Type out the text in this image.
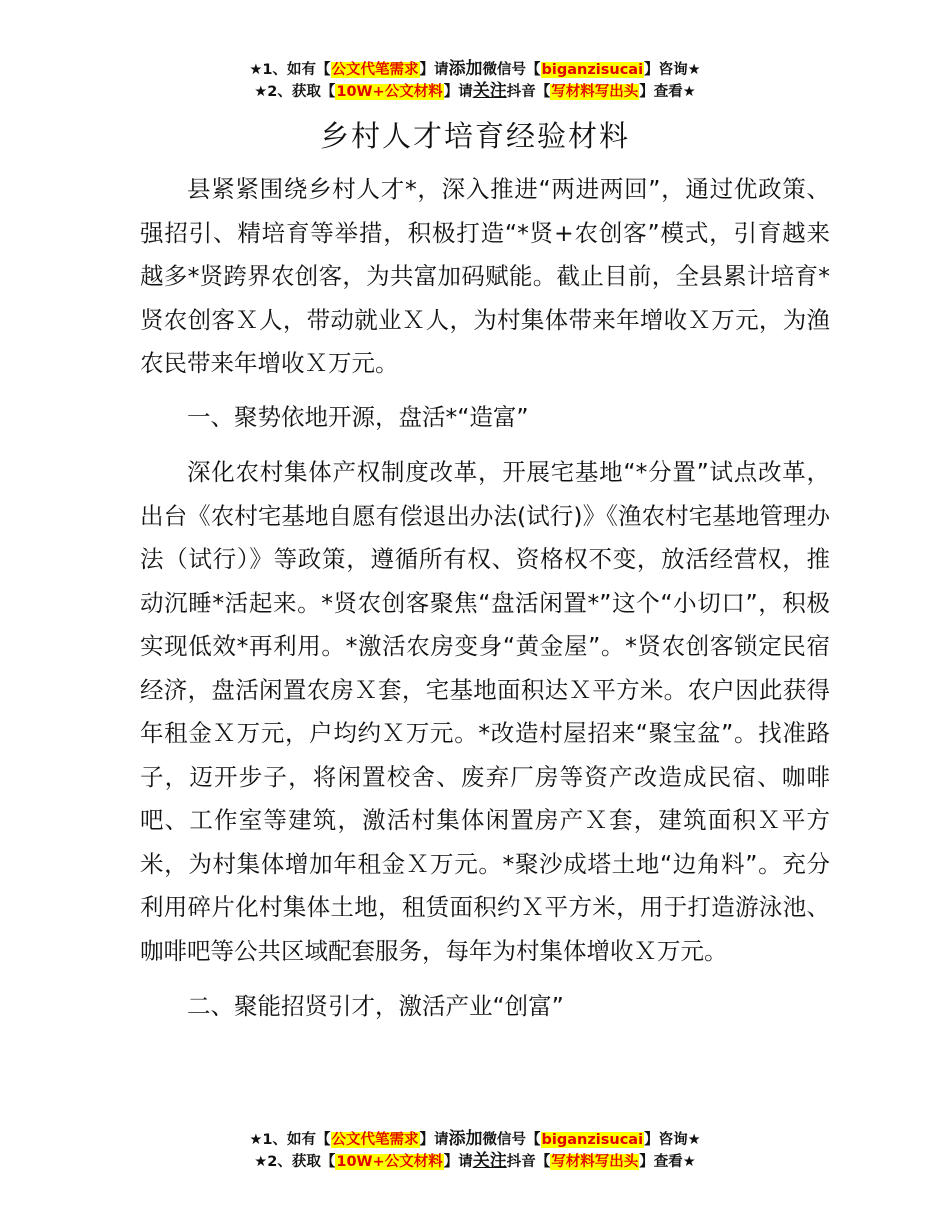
★1、如有【公文代笔需求】请添加微信号【biganzisucai】咨询★
★2、获取【10W+公文材料】请关注抖音【写材料写出头】查看★
乡村人才培育经验材料

县紧紧围绕乡村人才*，深入推进“两进两回”，通过优政策、强招引、精培育等举措，积极打造“*贤+农创客”模式，引育越来越多*贤跨界农创客，为共富加码赋能。截止目前，全县累计培育*贤农创客Ｘ人，带动就业Ｘ人，为村集体带来年增收Ｘ万元，为渔农民带来年增收Ｘ万元。

一、聚势依地开源，盘活*“造富”

深化农村集体产权制度改革，开展宅基地“*分置”试点改革，出台《农村宅基地自愿有偿退出办法(试行)》《渔农村宅基地管理办法（试行）》等政策，遵循所有权、资格权不变，放活经营权，推动沉睡*活起来。*贤农创客聚焦“盘活闲置*”这个“小切口”，积极实现低效*再利用。*激活农房变身“黄金屋”。*贤农创客锁定民宿经济，盘活闲置农房Ｘ套，宅基地面积达Ｘ平方米。农户因此获得年租金Ｘ万元，户均约Ｘ万元。*改造村屋招来“聚宝盆”。找准路子，迈开步子，将闲置校舍、废弃厂房等资产改造成民宿、咖啡吧、工作室等建筑，激活村集体闲置房产Ｘ套，建筑面积Ｘ平方米，为村集体增加年租金Ｘ万元。*聚沙成塔土地“边角料”。充分利用碎片化村集体土地，租赁面积约Ｘ平方米，用于打造游泳池、咖啡吧等公共区域配套服务，每年为村集体增收Ｘ万元。

二、聚能招贤引才，激活产业“创富”

★1、如有【公文代笔需求】请添加微信号【biganzisucai】咨询★
★2、获取【10W+公文材料】请关注抖音【写材料写出头】查看★
